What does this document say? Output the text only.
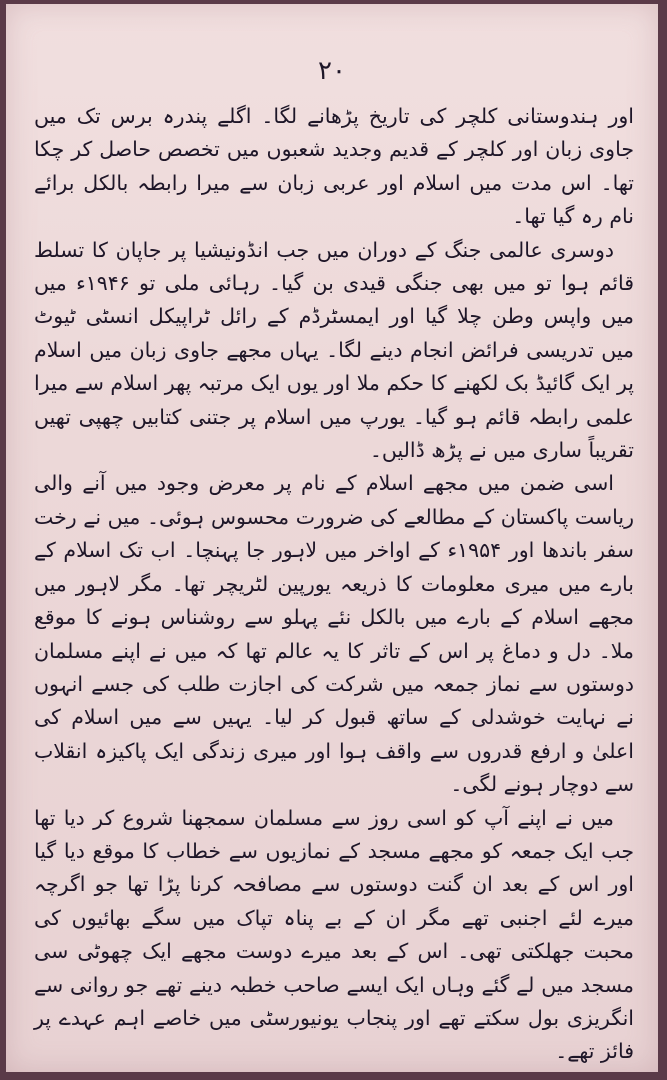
۲۰

اور ہندوستانی کلچر کی تاریخ پڑھانے لگا۔ اگلے پندرہ برس تک میں جاوی زبان اور کلچر کے قدیم وجدید شعبوں میں تخصص حاصل کر چکا تھا۔ اس مدت میں اسلام اور عربی زبان سے میرا رابطہ بالکل برائے نام رہ گیا تھا۔

دوسری عالمی جنگ کے دوران میں جب انڈونیشیا پر جاپان کا تسلط قائم ہوا تو میں بھی جنگی قیدی بن گیا۔ رہائی ملی تو ۱۹۴۶ء میں میں واپس وطن چلا گیا اور ایمسٹرڈم کے رائل ٹراپیکل انسٹی ٹیوٹ میں تدریسی فرائض انجام دینے لگا۔ یہاں مجھے جاوی زبان میں اسلام پر ایک گائیڈ بک لکھنے کا حکم ملا اور یوں ایک مرتبہ پھر اسلام سے میرا علمی رابطہ قائم ہو گیا۔ یورپ میں اسلام پر جتنی کتابیں چھپی تھیں تقریباً ساری میں نے پڑھ ڈالیں۔

اسی ضمن میں مجھے اسلام کے نام پر معرض وجود میں آنے والی ریاست پاکستان کے مطالعے کی ضرورت محسوس ہوئی۔ میں نے رخت سفر باندھا اور ۱۹۵۴ء کے اواخر میں لاہور جا پہنچا۔ اب تک اسلام کے بارے میں میری معلومات کا ذریعہ یورپین لٹریچر تھا۔ مگر لاہور میں مجھے اسلام کے بارے میں بالکل نئے پہلو سے روشناس ہونے کا موقع ملا۔ دل و دماغ پر اس کے تاثر کا یہ عالم تھا کہ میں نے اپنے مسلمان دوستوں سے نماز جمعہ میں شرکت کی اجازت طلب کی جسے انہوں نے نہایت خوشدلی کے ساتھ قبول کر لیا۔ یہیں سے میں اسلام کی اعلیٰ و ارفع قدروں سے واقف ہوا اور میری زندگی ایک پاکیزہ انقلاب سے دوچار ہونے لگی۔

میں نے اپنے آپ کو اسی روز سے مسلمان سمجھنا شروع کر دیا تھا جب ایک جمعہ کو مجھے مسجد کے نمازیوں سے خطاب کا موقع دیا گیا اور اس کے بعد ان گنت دوستوں سے مصافحہ کرنا پڑا تھا جو اگرچہ میرے لئے اجنبی تھے مگر ان کے بے پناہ تپاک میں سگے بھائیوں کی محبت جھلکتی تھی۔ اس کے بعد میرے دوست مجھے ایک چھوٹی سی مسجد میں لے گئے وہاں ایک ایسے صاحب خطبہ دینے تھے جو روانی سے انگریزی بول سکتے تھے اور پنجاب یونیورسٹی میں خاصے اہم عہدے پر فائز تھے۔
